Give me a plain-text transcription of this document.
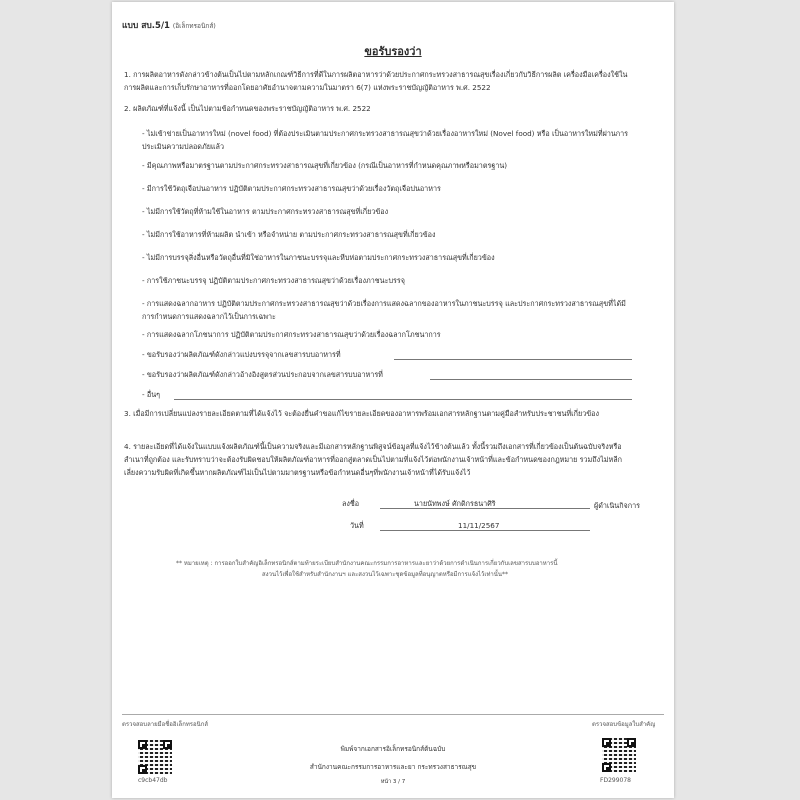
แบบ สบ.5/1 (อิเล็กทรอนิกส์)
ขอรับรองว่า
1. การผลิตอาหารดังกล่าวข้างต้นเป็นไปตามหลักเกณฑ์วิธีการที่ดีในการผลิตอาหารว่าด้วยประกาศกระทรวงสาธารณสุขเรื่องเกี่ยวกับวิธีการผลิต เครื่องมือเครื่องใช้ในการผลิตและการเก็บรักษาอาหารที่ออกโดยอาศัยอำนาจตามความในมาตรา 6(7) แห่งพระราชบัญญัติอาหาร พ.ศ. 2522
2. ผลิตภัณฑ์ที่แจ้งนี้ เป็นไปตามข้อกำหนดของพระราชบัญญัติอาหาร พ.ศ. 2522
- ไม่เข้าข่ายเป็นอาหารใหม่ (novel food) ที่ต้องประเมินตามประกาศกระทรวงสาธารณสุขว่าด้วยเรื่องอาหารใหม่ (Novel food) หรือ เป็นอาหารใหม่ที่ผ่านการประเมินความปลอดภัยแล้ว
- มีคุณภาพหรือมาตรฐานตามประกาศกระทรวงสาธารณสุขที่เกี่ยวข้อง (กรณีเป็นอาหารที่กำหนดคุณภาพหรือมาตรฐาน)
- มีการใช้วัตถุเจือปนอาหาร ปฏิบัติตามประกาศกระทรวงสาธารณสุขว่าด้วยเรื่องวัตถุเจือปนอาหาร
- ไม่มีการใช้วัตถุที่ห้ามใช้ในอาหาร ตามประกาศกระทรวงสาธารณสุขที่เกี่ยวข้อง
- ไม่มีการใช้อาหารที่ห้ามผลิต นำเข้า หรือจำหน่าย ตามประกาศกระทรวงสาธารณสุขที่เกี่ยวข้อง
- ไม่มีการบรรจุสิ่งอื่นหรือวัตถุอื่นที่มิใช่อาหารในภาชนะบรรจุและหีบห่อตามประกาศกระทรวงสาธารณสุขที่เกี่ยวข้อง
- การใช้ภาชนะบรรจุ ปฏิบัติตามประกาศกระทรวงสาธารณสุขว่าด้วยเรื่องภาชนะบรรจุ
- การแสดงฉลากอาหาร ปฏิบัติตามประกาศกระทรวงสาธารณสุขว่าด้วยเรื่องการแสดงฉลากของอาหารในภาชนะบรรจุ และประกาศกระทรวงสาธารณสุขที่ได้มีการกำหนดการแสดงฉลากไว้เป็นการเฉพาะ
- การแสดงฉลากโภชนาการ ปฏิบัติตามประกาศกระทรวงสาธารณสุขว่าด้วยเรื่องฉลากโภชนาการ
- ขอรับรองว่าผลิตภัณฑ์ดังกล่าวแบ่งบรรจุจากเลขสารบบอาหารที่
- ขอรับรองว่าผลิตภัณฑ์ดังกล่าวอ้างอิงสูตรส่วนประกอบจากเลขสารบบอาหารที่
- อื่นๆ
3. เมื่อมีการเปลี่ยนแปลงรายละเอียดตามที่ได้แจ้งไว้ จะต้องยื่นคำขอแก้ไขรายละเอียดของอาหารพร้อมเอกสารหลักฐานตามคู่มือสำหรับประชาชนที่เกี่ยวข้อง
4. รายละเอียดที่ได้แจ้งในแบบแจ้งผลิตภัณฑ์นี้เป็นความจริงและมีเอกสารหลักฐานพิสูจน์ข้อมูลที่แจ้งไว้ข้างต้นแล้ว ทั้งนี้รวมถึงเอกสารที่เกี่ยวข้องเป็นต้นฉบับจริงหรือสำเนาที่ถูกต้อง และรับทราบว่าจะต้องรับผิดชอบให้ผลิตภัณฑ์อาหารที่ออกสู่ตลาดเป็นไปตามที่แจ้งไว้ต่อพนักงานเจ้าหน้าที่และข้อกำหนดของกฎหมาย รวมถึงไม่หลีกเลี่ยงความรับผิดที่เกิดขึ้นหากผลิตภัณฑ์ไม่เป็นไปตามมาตรฐานหรือข้อกำหนดอื่นๆที่พนักงานเจ้าหน้าที่ได้รับแจ้งไว้
ลงชื่อ	นายนัทพงษ์ ศักดิกรธนาศิริ	ผู้ดำเนินกิจการ
วันที่	11/11/2567
** หมายเหตุ : การออกใบสำคัญอิเล็กทรอนิกส์ตามท้ายระเบียบสำนักงานคณะกรรมการอาหารและยาว่าด้วยการดำเนินการเกี่ยวกับเลขสารบบอาหารนี้
สงวนไว้เพื่อใช้สำหรับสำนักงานฯ และสงวนไว้เฉพาะชุดข้อมูลที่อนุญาตหรือมีการแจ้งไว้เท่านั้น**
ตรวจสอบลายมือชื่ออิเล็กทรอนิกส์	ตรวจสอบข้อมูลใบสำคัญ
c9cb47db	FD299078
พิมพ์จากเอกสารอิเล็กทรอนิกส์ต้นฉบับ
สำนักงานคณะกรรมการอาหารและยา กระทรวงสาธารณสุข
หน้า 3 / 7
